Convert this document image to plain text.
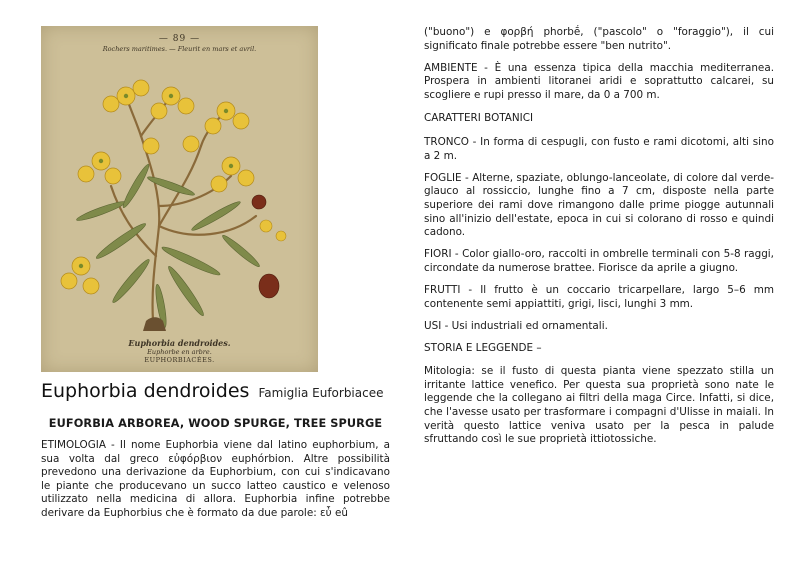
— 89 —
Rochers maritimes. — Fleurit en mars et avril.
Euphorbia dendroides.
Euphorbe en arbre.
EUPHORBIACÉES.
Euphorbia dendroides Famiglia Euforbiacee
EUFORBIA ARBOREA, WOOD SPURGE, TREE SPURGE

ETIMOLOGIA - Il nome Euphorbia viene dal latino euphorbium, a sua volta dal greco εὐφόρβιον euphórbion. Altre possibilità prevedono una derivazione da Euphorbium, con cui s'indicavano le piante che producevano un succo latteo caustico e velenoso utilizzato nella medicina di allora. Euphorbia infine potrebbe derivare da Euphorbius che è formato da due parole: εὖ eû

("buono") e φορβή phorbḗ, ("pascolo" o "foraggio"), il cui significato finale potrebbe essere "ben nutrito".

AMBIENTE - È una essenza tipica della macchia mediterranea. Prospera in ambienti litoranei aridi e soprattutto calcarei, su scogliere e rupi presso il mare, da 0 a 700 m.

CARATTERI BOTANICI

TRONCO - In forma di cespugli, con fusto e rami dicotomi, alti sino a 2 m.

FOGLIE - Alterne, spaziate, oblungo-lanceolate, di colore dal verde-glauco al rossiccio, lunghe fino a 7 cm, disposte nella parte superiore dei rami dove rimangono dalle prime piogge autunnali sino all'inizio dell'estate, epoca in cui si colorano di rosso e quindi cadono.

FIORI - Color giallo-oro, raccolti in ombrelle terminali con 5-8 raggi, circondate da numerose brattee. Fiorisce da aprile a giugno.

FRUTTI - Il frutto è un coccario tricarpellare, largo 5–6 mm contenente semi appiattiti, grigi, lisci, lunghi 3 mm.

USI - Usi industriali ed ornamentali.

STORIA E LEGGENDE –

Mitologia: se il fusto di questa pianta viene spezzato stilla un irritante lattice venefico. Per questa sua proprietà sono nate le leggende che la collegano ai filtri della maga Circe. Infatti, si dice, che l'avesse usato per trasformare i compagni d'Ulisse in maiali. In verità questo lattice veniva usato per la pesca in palude sfruttando così le sue proprietà ittiotossiche.
